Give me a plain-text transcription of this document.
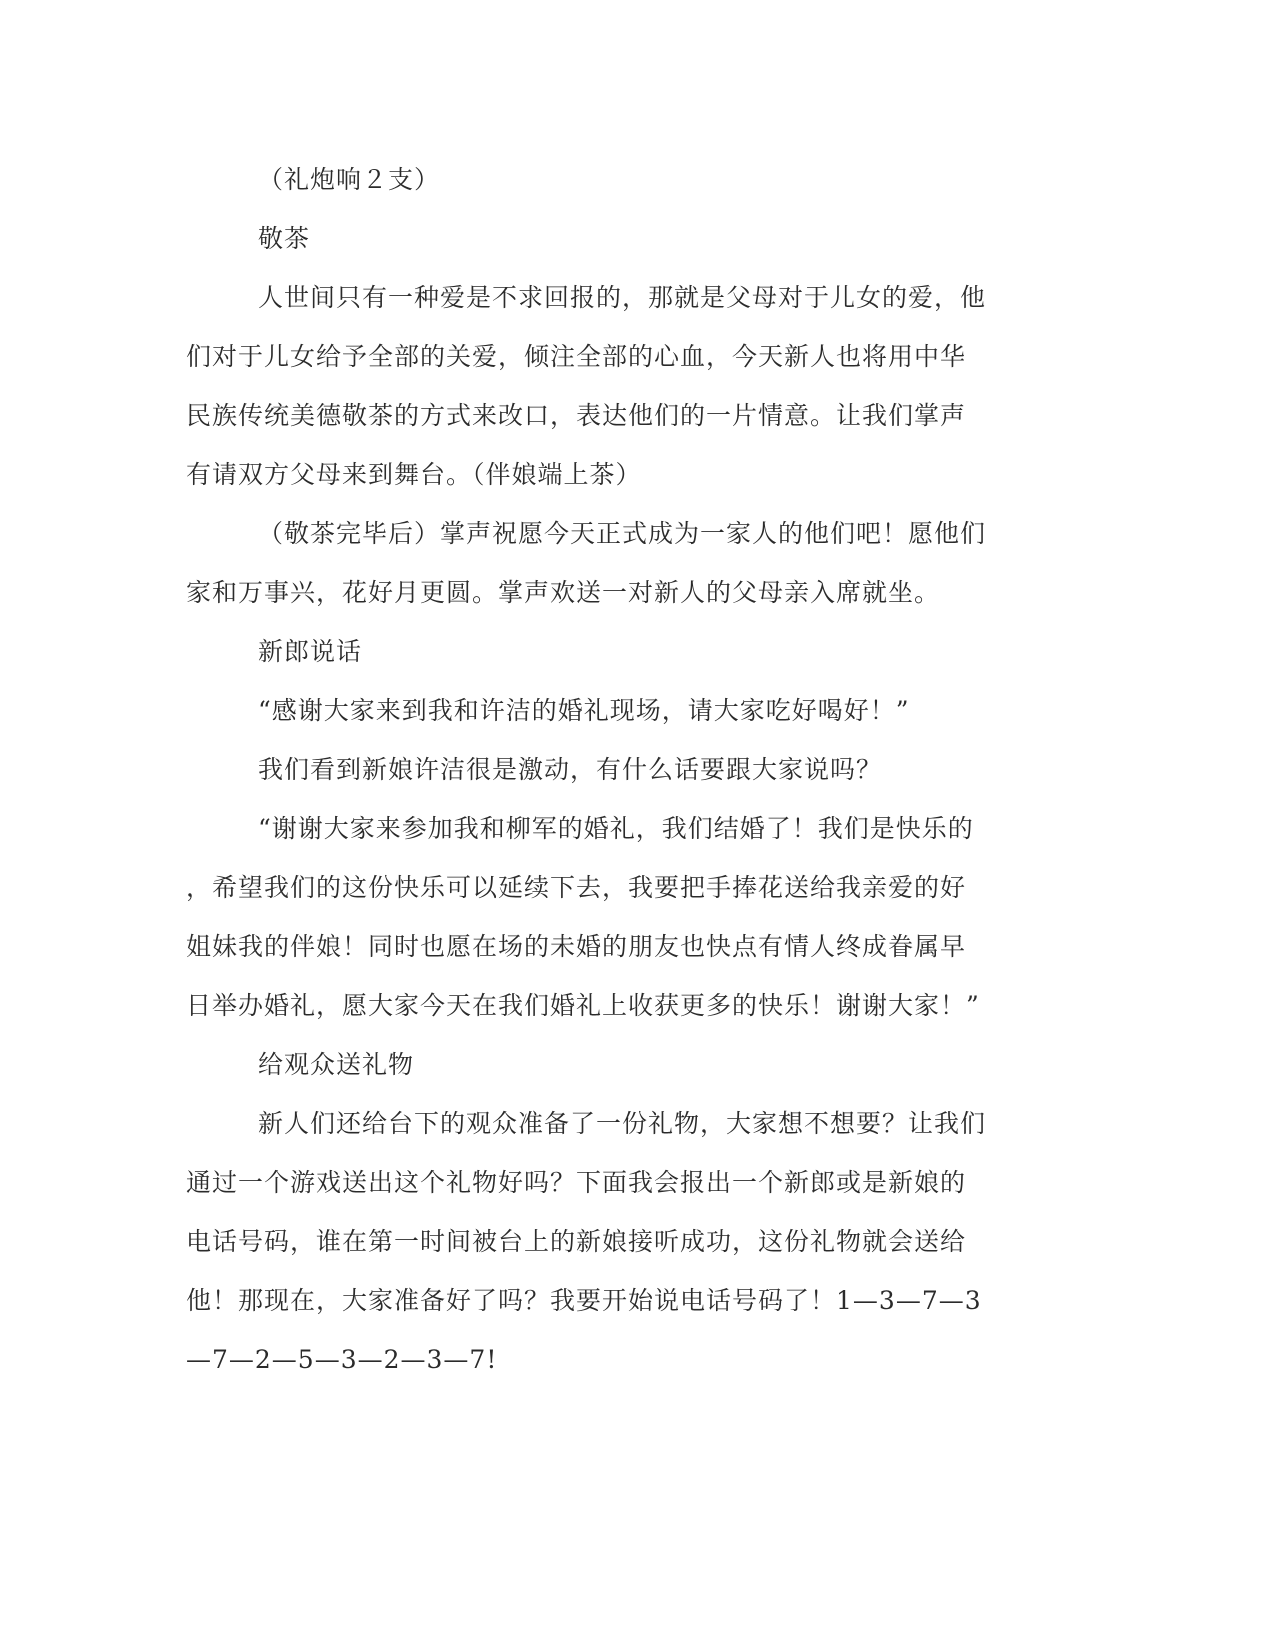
（礼炮响２支）
敬茶
人世间只有一种爱是不求回报的，那就是父母对于儿女的爱，他
们对于儿女给予全部的关爱，倾注全部的心血，今天新人也将用中华
民族传统美德敬茶的方式来改口，表达他们的一片情意。让我们掌声
有请双方父母来到舞台。（伴娘端上茶）
（敬茶完毕后）掌声祝愿今天正式成为一家人的他们吧！愿他们
家和万事兴，花好月更圆。掌声欢送一对新人的父母亲入席就坐。
新郎说话
“感谢大家来到我和许洁的婚礼现场，请大家吃好喝好！”
我们看到新娘许洁很是激动，有什么话要跟大家说吗？
“谢谢大家来参加我和柳军的婚礼，我们结婚了！我们是快乐的
，希望我们的这份快乐可以延续下去，我要把手捧花送给我亲爱的好
姐妹我的伴娘！同时也愿在场的未婚的朋友也快点有情人终成眷属早
日举办婚礼，愿大家今天在我们婚礼上收获更多的快乐！谢谢大家！”
给观众送礼物
新人们还给台下的观众准备了一份礼物，大家想不想要？让我们
通过一个游戏送出这个礼物好吗？下面我会报出一个新郎或是新娘的
电话号码，谁在第一时间被台上的新娘接听成功，这份礼物就会送给
他！那现在，大家准备好了吗？我要开始说电话号码了！1—3—7—3
—7—2—5—3—2—3—7!
